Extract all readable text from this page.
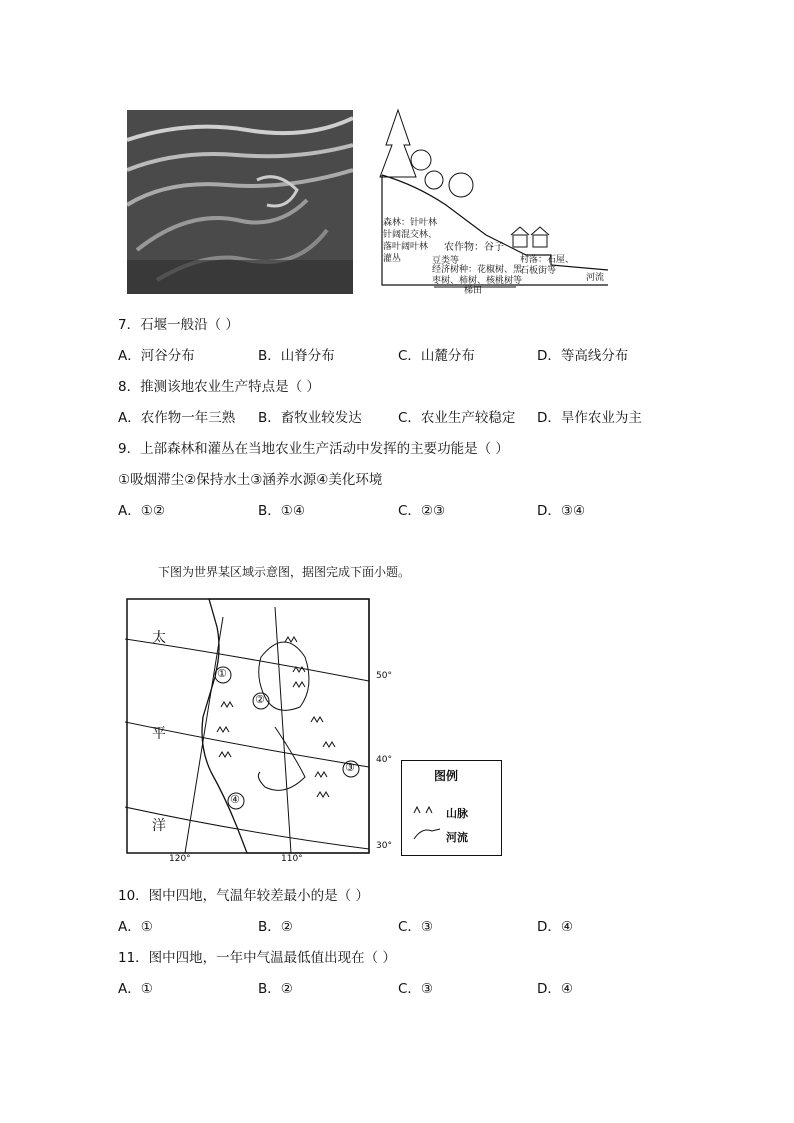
森林：针叶林
针阔混交林、
落叶阔叶林
灌丛
农作物：谷子
豆类等
经济树种：花椒树、黑
枣树、柿树、核桃树等
村落：石屋、
石板街等
河流
梯田
7．石堰一般沿（ ）
A．河谷分布	B．山脊分布	C．山麓分布	D．等高线分布
8．推测该地农业生产特点是（ ）
A．农作物一年三熟 B．畜牧业较发达	C．农业生产较稳定 D．旱作农业为主
9．上部森林和灌丛在当地农业生产活动中发挥的主要功能是（ ）
①吸烟滞尘②保持水土③涵养水源④美化环境
A．①②	B．①④	C．②③	D．③④
下图为世界某区域示意图，据图完成下面小题。
太
平
洋
①
②
③
④
120°	110°
50°
40°
30°
图例
山脉
河流
10．图中四地，气温年较差最小的是（ ）
A．①	B．②	C．③	D．④
11．图中四地，一年中气温最低值出现在（ ）
A．①	B．②	C．③	D．④
